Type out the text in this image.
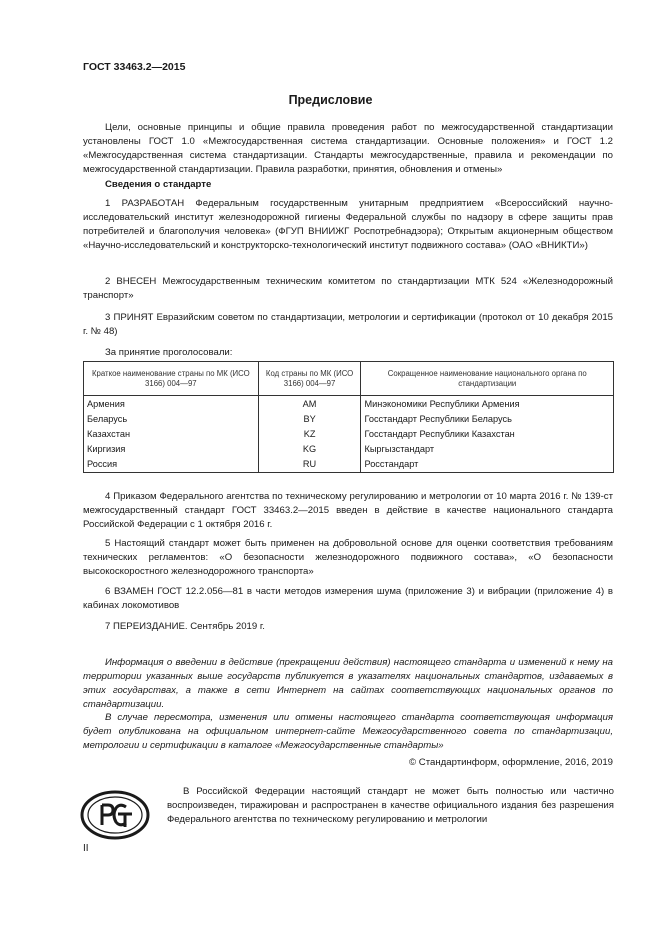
ГОСТ 33463.2—2015
Предисловие
Цели, основные принципы и общие правила проведения работ по межгосударственной стандартизации установлены ГОСТ 1.0 «Межгосударственная система стандартизации. Основные положения» и ГОСТ 1.2 «Межгосударственная система стандартизации. Стандарты межгосударственные, правила и рекомендации по межгосударственной стандартизации. Правила разработки, принятия, обновления и отмены»
Сведения о стандарте
1 РАЗРАБОТАН Федеральным государственным унитарным предприятием «Всероссийский научно-исследовательский институт железнодорожной гигиены Федеральной службы по надзору в сфере защиты прав потребителей и благополучия человека» (ФГУП ВНИИЖГ Роспотребнадзора); Открытым акционерным обществом «Научно-исследовательский и конструкторско-технологический институт подвижного состава» (ОАО «ВНИКТИ»)
2 ВНЕСЕН Межгосударственным техническим комитетом по стандартизации МТК 524 «Железнодорожный транспорт»
3 ПРИНЯТ Евразийским советом по стандартизации, метрологии и сертификации (протокол от 10 декабря 2015 г. № 48)
За принятие проголосовали:
Краткое наименование страны по МК (ИСО 3166) 004—97	Код страны по МК (ИСО 3166) 004—97	Сокращенное наименование национального органа по стандартизации
Армения	AM	Минэкономики Республики Армения
Беларусь	BY	Госстандарт Республики Беларусь
Казахстан	KZ	Госстандарт Республики Казахстан
Киргизия	KG	Кыргызстандарт
Россия	RU	Росстандарт
4 Приказом Федерального агентства по техническому регулированию и метрологии от 10 марта 2016 г. № 139-ст межгосударственный стандарт ГОСТ 33463.2—2015 введен в действие в качестве национального стандарта Российской Федерации с 1 октября 2016 г.
5 Настоящий стандарт может быть применен на добровольной основе для оценки соответствия требованиям технических регламентов: «О безопасности железнодорожного подвижного состава», «О безопасности высокоскоростного железнодорожного транспорта»
6 ВЗАМЕН ГОСТ 12.2.056—81 в части методов измерения шума (приложение 3) и вибрации (приложение 4) в кабинах локомотивов
7 ПЕРЕИЗДАНИЕ. Сентябрь 2019 г.
Информация о введении в действие (прекращении действия) настоящего стандарта и изменений к нему на территории указанных выше государств публикуется в указателях национальных стандартов, издаваемых в этих государствах, а также в сети Интернет на сайтах соответствующих национальных органов по стандартизации.
В случае пересмотра, изменения или отмены настоящего стандарта соответствующая информация будет опубликована на официальном интернет-сайте Межгосударственного совета по стандартизации, метрологии и сертификации в каталоге «Межгосударственные стандарты»
© Стандартинформ, оформление, 2016, 2019
В Российской Федерации настоящий стандарт не может быть полностью или частично воспроизведен, тиражирован и распространен в качестве официального издания без разрешения Федерального агентства по техническому регулированию и метрологии
II
